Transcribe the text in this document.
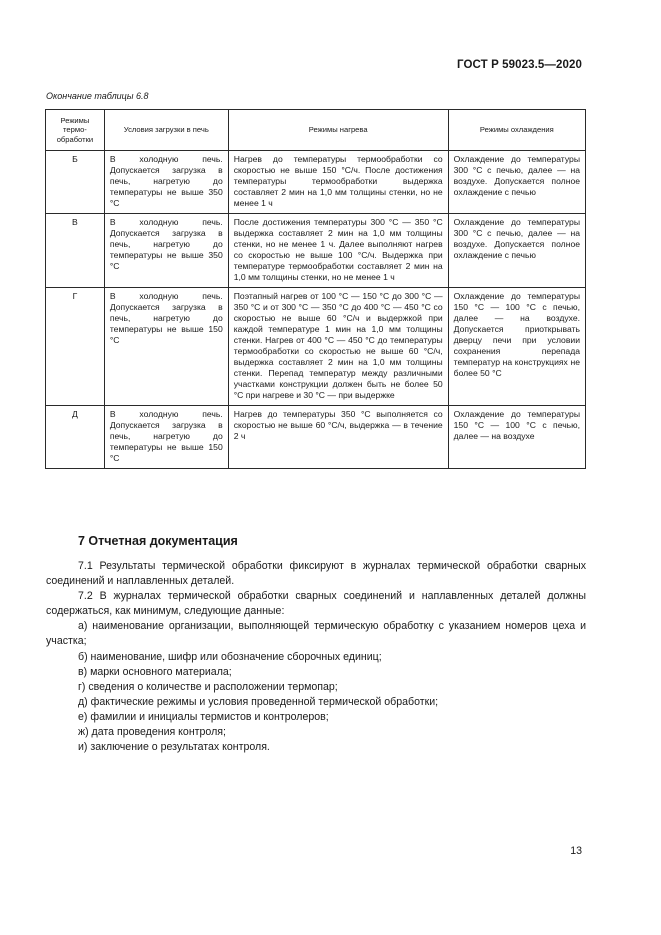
ГОСТ Р 59023.5—2020
Окончание таблицы 6.8
Режимы термо-обработки	Условия загрузки в печь	Режимы нагрева	Режимы охлаждения
Б	В холодную печь. Допускается загрузка в печь, нагретую до температуры не выше 350 °С	Нагрев до температуры термообработки со скоростью не выше 150 °С/ч. После достижения температуры термообработки выдержка составляет 2 мин на 1,0 мм толщины стенки, но не менее 1 ч	Охлаждение до температуры 300 °С с печью, далее — на воздухе. Допускается полное охлаждение с печью
В	В холодную печь. Допускается загрузка в печь, нагретую до температуры не выше 350 °С	После достижения температуры 300 °С — 350 °С выдержка составляет 2 мин на 1,0 мм толщины стенки, но не менее 1 ч. Далее выполняют нагрев со скоростью не выше 100 °С/ч. Выдержка при температуре термообработки составляет 2 мин на 1,0 мм толщины стенки, но не менее 1 ч	Охлаждение до температуры 300 °С с печью, далее — на воздухе. Допускается полное охлаждение с печью
Г	В холодную печь. Допускается загрузка в печь, нагретую до температуры не выше 150 °С	Поэтапный нагрев от 100 °С — 150 °С до 300 °С — 350 °С и от 300 °С — 350 °С до 400 °С — 450 °С со скоростью не выше 60 °С/ч и выдержкой при каждой температуре 1 мин на 1,0 мм толщины стенки. Нагрев от 400 °С — 450 °С до температуры термообработки со скоростью не выше 60 °С/ч, выдержка составляет 2 мин на 1,0 мм толщины стенки. Перепад температур между различными участками конструкции должен быть не более 50 °С при нагреве и 30 °С — при выдержке	Охлаждение до температуры 150 °С — 100 °С с печью, далее — на воздухе. Допускается приоткрывать дверцу печи при условии сохранения перепада температур на конструкциях не более 50 °С
Д	В холодную печь. Допускается загрузка в печь, нагретую до температуры не выше 150 °С	Нагрев до температуры 350 °С выполняется со скоростью не выше 60 °С/ч, выдержка — в течение 2 ч	Охлаждение до температуры 150 °С — 100 °С с печью, далее — на воздухе
7 Отчетная документация

7.1 Результаты термической обработки фиксируют в журналах термической обработки сварных соединений и наплавленных деталей.

7.2 В журналах термической обработки сварных соединений и наплавленных деталей должны содержаться, как минимум, следующие данные:

а) наименование организации, выполняющей термическую обработку с указанием номеров цеха и участка;

б) наименование, шифр или обозначение сборочных единиц;

в) марки основного материала;

г) сведения о количестве и расположении термопар;

д) фактические режимы и условия проведенной термической обработки;

е) фамилии и инициалы термистов и контролеров;

ж) дата проведения контроля;

и) заключение о результатах контроля.

13
